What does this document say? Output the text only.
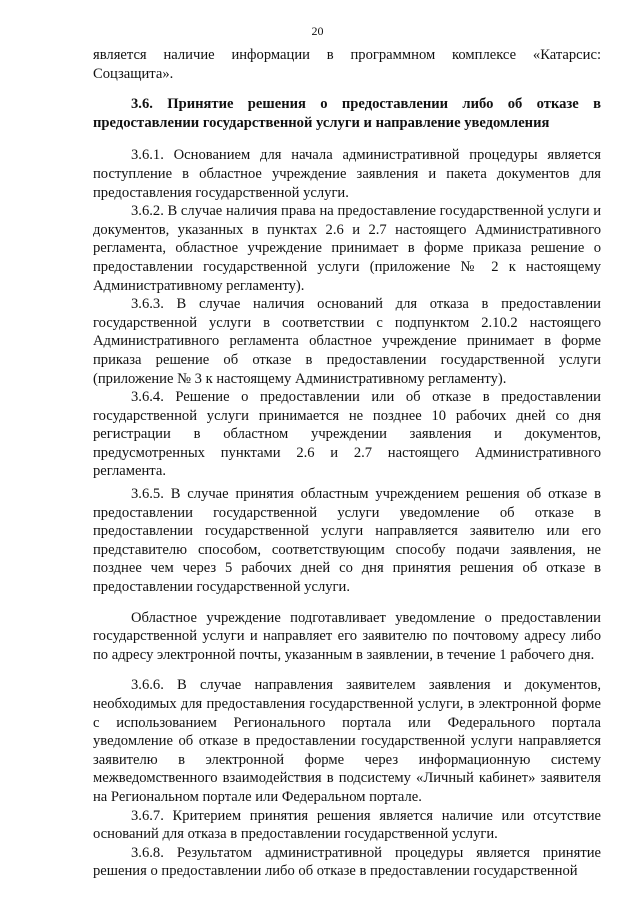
20

является наличие информации в программном комплексе «Катарсис: Соцзащита».

3.6. Принятие решения о предоставлении либо об отказе в предоставлении государственной услуги и направление уведомления

3.6.1. Основанием для начала административной процедуры является поступление в областное учреждение заявления и пакета документов для предоставления государственной услуги.

3.6.2. В случае наличия права на предоставление государственной услуги и документов, указанных в пунктах 2.6 и 2.7 настоящего Административного регламента, областное учреждение принимает в форме приказа решение о предоставлении государственной услуги (приложение № 2 к настоящему Административному регламенту).

3.6.3. В случае наличия оснований для отказа в предоставлении государственной услуги в соответствии с подпунктом 2.10.2 настоящего Административного регламента областное учреждение принимает в форме приказа решение об отказе в предоставлении государственной услуги (приложение № 3 к настоящему Административному регламенту).

3.6.4. Решение о предоставлении или об отказе в предоставлении государственной услуги принимается не позднее 10 рабочих дней со дня регистрации в областном учреждении заявления и документов, предусмотренных пунктами 2.6 и 2.7 настоящего Административного регламента.

3.6.5. В случае принятия областным учреждением решения об отказе в предоставлении государственной услуги уведомление об отказе в предоставлении государственной услуги направляется заявителю или его представителю способом, соответствующим способу подачи заявления, не позднее чем через 5 рабочих дней со дня принятия решения об отказе в предоставлении государственной услуги.

Областное учреждение подготавливает уведомление о предоставлении государственной услуги и направляет его заявителю по почтовому адресу либо по адресу электронной почты, указанным в заявлении, в течение 1 рабочего дня.

3.6.6. В случае направления заявителем заявления и документов, необходимых для предоставления государственной услуги, в электронной форме с использованием Регионального портала или Федерального портала уведомление об отказе в предоставлении государственной услуги направляется заявителю в электронной форме через информационную систему межведомственного взаимодействия в подсистему «Личный кабинет» заявителя на Региональном портале или Федеральном портале.

3.6.7. Критерием принятия решения является наличие или отсутствие оснований для отказа в предоставлении государственной услуги.

3.6.8. Результатом административной процедуры является принятие решения о предоставлении либо об отказе в предоставлении государственной
